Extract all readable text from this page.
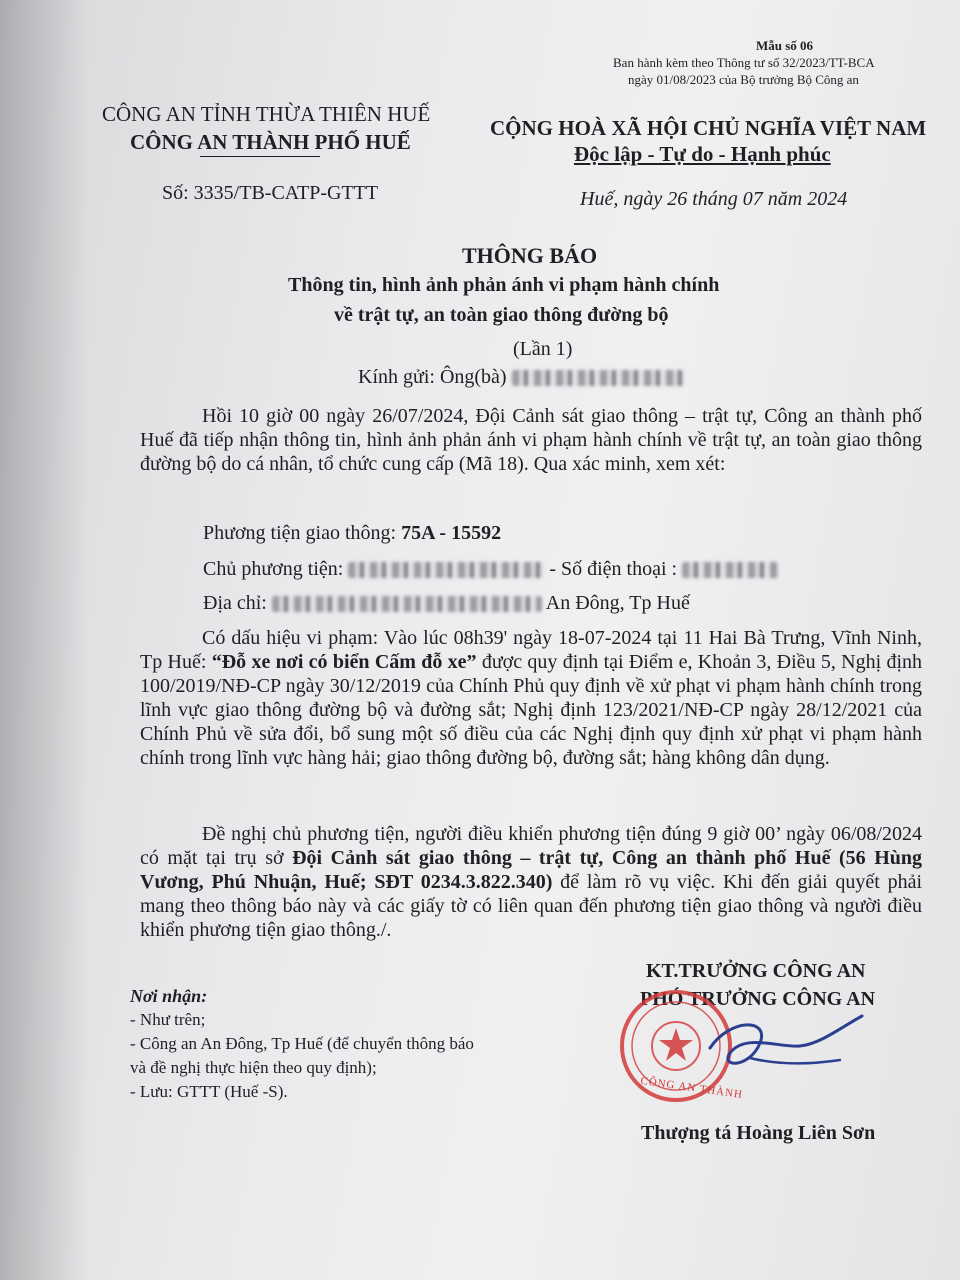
Mẫu số 06
Ban hành kèm theo Thông tư số 32/2023/TT-BCA
ngày 01/08/2023 của Bộ trưởng Bộ Công an
CÔNG AN TỈNH THỪA THIÊN HUẾ
CÔNG AN THÀNH PHỐ HUẾ
Số: 3335/TB-CATP-GTTT
CỘNG HOÀ XÃ HỘI CHỦ NGHĨA VIỆT NAM
Độc lập - Tự do - Hạnh phúc
Huế, ngày 26 tháng 07 năm 2024
THÔNG BÁO
Thông tin, hình ảnh phản ánh vi phạm hành chính
về trật tự, an toàn giao thông đường bộ
(Lần 1)
Kính gửi: Ông(bà)
Hồi 10 giờ 00 ngày 26/07/2024, Đội Cảnh sát giao thông – trật tự, Công an thành phố Huế đã tiếp nhận thông tin, hình ảnh phản ánh vi phạm hành chính về trật tự, an toàn giao thông đường bộ do cá nhân, tổ chức cung cấp (Mã 18). Qua xác minh, xem xét:
Phương tiện giao thông: 75A - 15592
Chủ phương tiện:	- Số điện thoại :
Địa chỉ:	An Đông, Tp Huế
Có dấu hiệu vi phạm: Vào lúc 08h39' ngày 18-07-2024 tại 11 Hai Bà Trưng, Vĩnh Ninh, Tp Huế: “Đỗ xe nơi có biển Cấm đỗ xe” được quy định tại Điểm e, Khoản 3, Điều 5, Nghị định 100/2019/NĐ-CP ngày 30/12/2019 của Chính Phủ quy định về xử phạt vi phạm hành chính trong lĩnh vực giao thông đường bộ và đường sắt; Nghị định 123/2021/NĐ-CP ngày 28/12/2021 của Chính Phủ về sửa đổi, bổ sung một số điều của các Nghị định quy định xử phạt vi phạm hành chính trong lĩnh vực hàng hải; giao thông đường bộ, đường sắt; hàng không dân dụng.
Đề nghị chủ phương tiện, người điều khiển phương tiện đúng 9 giờ 00’ ngày 06/08/2024 có mặt tại trụ sở Đội Cảnh sát giao thông – trật tự, Công an thành phố Huế (56 Hùng Vương, Phú Nhuận, Huế; SĐT 0234.3.822.340) để làm rõ vụ việc. Khi đến giải quyết phải mang theo thông báo này và các giấy tờ có liên quan đến phương tiện giao thông và người điều khiển phương tiện giao thông./.
Nơi nhận:
- Như trên;
- Công an An Đông, Tp Huế (để chuyển thông báo
và đề nghị thực hiện theo quy định);
- Lưu: GTTT (Huế -S).
KT.TRƯỞNG CÔNG AN
PHÓ TRƯỞNG CÔNG AN
CÔNG AN THÀNH
Thượng tá Hoàng Liên Sơn
